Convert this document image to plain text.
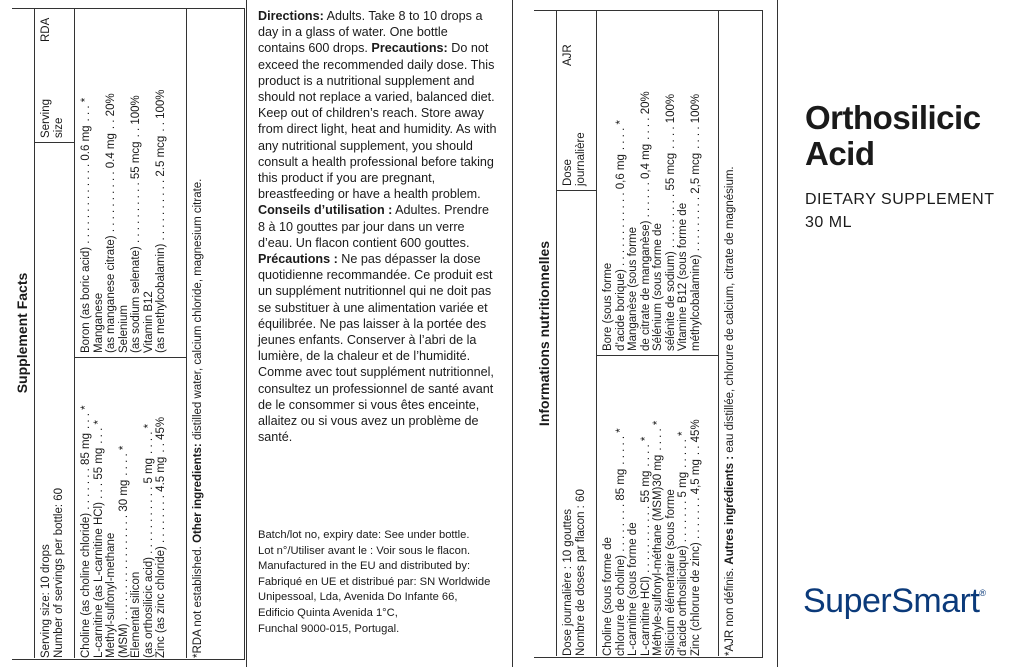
Supplement Facts
Serving size: 10 drops Number of servings per bottle: 60
Serving size
RDA
Choline (as choline chloride) . . . . . . . 85 mg. . . *
L-carnitine (as L-carnitine HCl) . . . 55 mg. . . *
Methyl-sulfonyl-methane (MSM) . . . . . . . . . . . . . . . . . 30 mg. . . . *
Elemental silicon (as orthosilicic acid) . . . . . . . . . . . 5 mg. . . . *
Zinc (as zinc chloride) . . . . . . . . 4.5 mg. . 45%
Boron (as boric acid) . . . . . . . . . . . . . 0.6 mg. . . *
Manganese (as manganese citrate) . . . . . . . . . . 0.4 mg. . 20%
Selenium (as sodium selenate) . . . . . . . . . . 55 mcg. . 100%
Vitamin B12 (as methylcobalamin) . . . . . . . . . . 2.5 mcg. . 100%
*RDA not established. Other ingredients: distilled water, calcium chloride, magnesium citrate.

Directions: Adults. Take 8 to 10 drops a day in a glass of water. One bottle contains 600 drops. Precautions: Do not exceed the recommended daily dose. This product is a nutritional supplement and should not replace a varied, balanced diet. Keep out of children’s reach. Store away from direct light, heat and humidity. As with any nutritional supplement, you should consult a health professional before taking this product if you are pregnant, breastfeeding or have a health problem.

Conseils d’utilisation : Adultes. Prendre 8 à 10 gouttes par jour dans un verre d’eau. Un flacon contient 600 gouttes. Précautions : Ne pas dépasser la dose quotidienne recommandée. Ce produit est un supplément nutritionnel qui ne doit pas se substituer à une alimentation variée et équilibrée. Ne pas laisser à la portée des jeunes enfants. Conserver à l’abri de la lumière, de la chaleur et de l’humidité. Comme avec tout supplément nutritionnel, consultez un professionnel de santé avant de le consommer si vous êtes enceinte, allaitez ou si vous avez un problème de santé.

Batch/lot no, expiry date: See under bottle.

Lot n°/Utiliser avant le : Voir sous le flacon.

Manufactured in the EU and distributed by:

Fabriqué en UE et distribué par: SN Worldwide

Unipessoal, Lda, Avenida Do Infante 66,

Edificio Quinta Avenida 1°C,

Funchal 9000-015, Portugal.

Informations nutritionnelles
Dose journalière : 10 gouttes Nombre de doses par flacon : 60
Dose journalière
AJR
Choline (sous forme de chlorure de choline) . . . . . . . . 85 mg. . . . . *
L-carnitine (sous forme de L-carnitine HCl) . . . . . . . . . . . 55 mg. . . . *
Méthyle-sulfonyl-méthane (MSM)30 mg. . . . *
Silicium élémentaire (sous forme d’acide orthosilicique) . . . . . . . 5 mg. . . . . *
Zinc (chlorure de zinc) . . . . . . . 4,5 mg. . 45%
Bore (sous forme d’acide borique) . . . . . . . . . . . . 0,6 mg. . . . *
Manganèse (sous forme de citrate de manganèse) . . . . . . 0,4 mg. . . . 20%
Sélénium (sous forme de sélénite de sodium) . . . . . . . . . 55 mcg. . . . 100%
Vitamine B12 (sous forme de méthylcobalamine) . . . . . . . . . 2,5 mcg. . . . 100%
*AJR non définis. Autres ingrédients : eau distillée, chlorure de calcium, citrate de magnésium.
Orthosilicic
Acid
DIETARY SUPPLEMENT
30 ML
SuperSmart®
